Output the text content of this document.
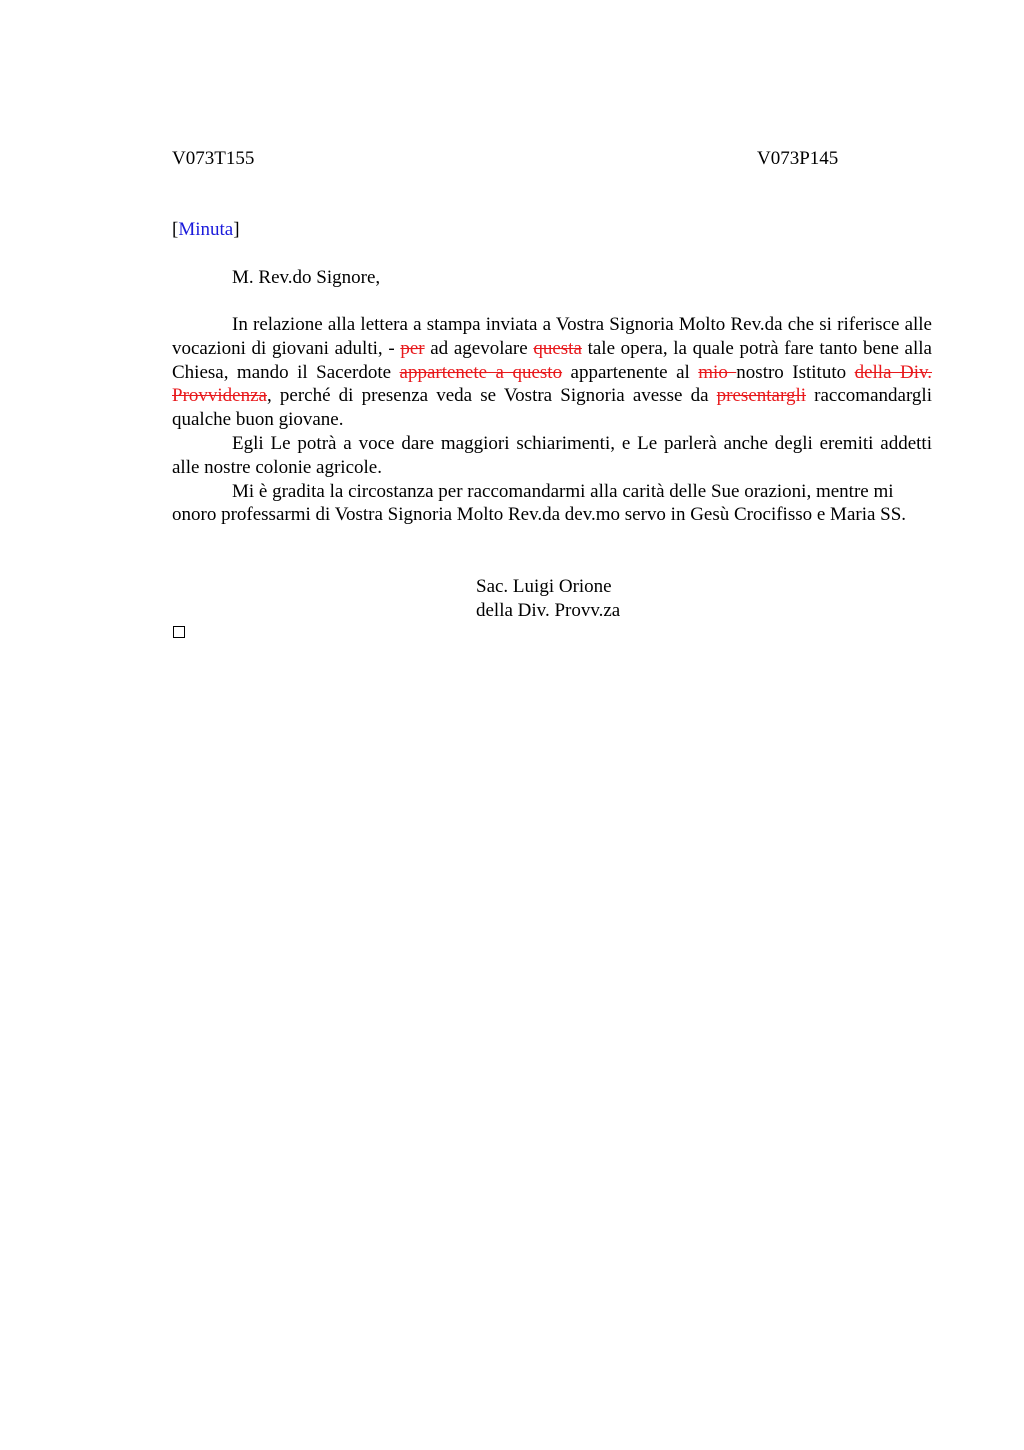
V073T155	V073P145
[Minuta]
M. Rev.do Signore,

In relazione alla lettera a stampa inviata a Vostra Signoria Molto Rev.da che si riferisce alle vocazioni di giovani adulti, - per ad agevolare questa tale opera, la quale potrà fare tanto bene alla Chiesa, mando il Sacerdote appartenete a questo appartenente al mio nostro Istituto della Div. Provvidenza, perché di presenza veda se Vostra Signoria avesse da presentargli raccomandargli qualche buon giovane.

Egli Le potrà a voce dare maggiori schiarimenti, e Le parlerà anche degli eremiti addetti alle nostre colonie agricole.

Mi è gradita la circostanza per raccomandarmi alla carità delle Sue orazioni, mentre mi onoro professarmi di Vostra Signoria Molto Rev.da dev.mo servo in Gesù Crocifisso e Maria SS.

Sac. Luigi Orione
della Div. Provv.za
